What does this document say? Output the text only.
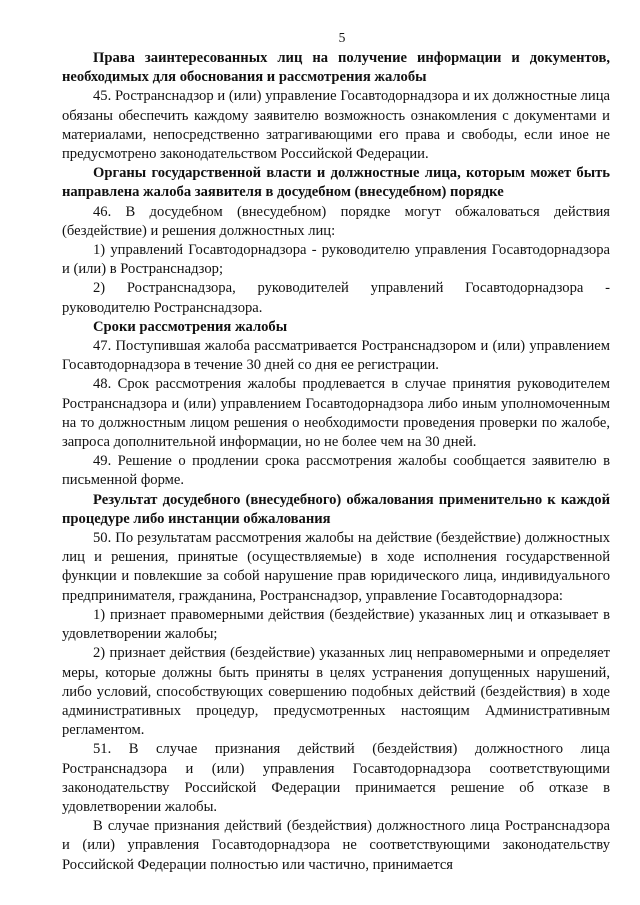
5

Права заинтересованных лиц на получение информации и документов, необходимых для обоснования и рассмотрения жалобы

45. Ространснадзор и (или) управление Госавтодорнадзора и их должностные лица обязаны обеспечить каждому заявителю возможность ознакомления с документами и материалами, непосредственно затрагивающими его права и свободы, если иное не предусмотрено законодательством Российской Федерации.

Органы государственной власти и должностные лица, которым может быть направлена жалоба заявителя в досудебном (внесудебном) порядке

46. В досудебном (внесудебном) порядке могут обжаловаться действия (бездействие) и решения должностных лиц:

1) управлений Госавтодорнадзора - руководителю управления Госавтодорнадзора и (или) в Ространснадзор;

2) Ространснадзора, руководителей управлений Госавтодорнадзора - руководителю Ространснадзора.

Сроки рассмотрения жалобы

47. Поступившая жалоба рассматривается Ространснадзором и (или) управлением Госавтодорнадзора в течение 30 дней со дня ее регистрации.

48. Срок рассмотрения жалобы продлевается в случае принятия руководителем Ространснадзора и (или) управлением Госавтодорнадзора либо иным уполномоченным на то должностным лицом решения о необходимости проведения проверки по жалобе, запроса дополнительной информации, но не более чем на 30 дней.

49. Решение о продлении срока рассмотрения жалобы сообщается заявителю в письменной форме.

Результат досудебного (внесудебного) обжалования применительно к каждой процедуре либо инстанции обжалования

50. По результатам рассмотрения жалобы на действие (бездействие) должностных лиц и решения, принятые (осуществляемые) в ходе исполнения государственной функции и повлекшие за собой нарушение прав юридического лица, индивидуального предпринимателя, гражданина, Ространснадзор, управление Госавтодорнадзора:

1) признает правомерными действия (бездействие) указанных лиц и отказывает в удовлетворении жалобы;

2) признает действия (бездействие) указанных лиц неправомерными и определяет меры, которые должны быть приняты в целях устранения допущенных нарушений, либо условий, способствующих совершению подобных действий (бездействия) в ходе административных процедур, предусмотренных настоящим Административным регламентом.

51. В случае признания действий (бездействия) должностного лица Ространснадзора и (или) управления Госавтодорнадзора соответствующими законодательству Российской Федерации принимается решение об отказе в удовлетворении жалобы.

В случае признания действий (бездействия) должностного лица Ространснадзора и (или) управления Госавтодорнадзора не соответствующими законодательству Российской Федерации полностью или частично, принимается
